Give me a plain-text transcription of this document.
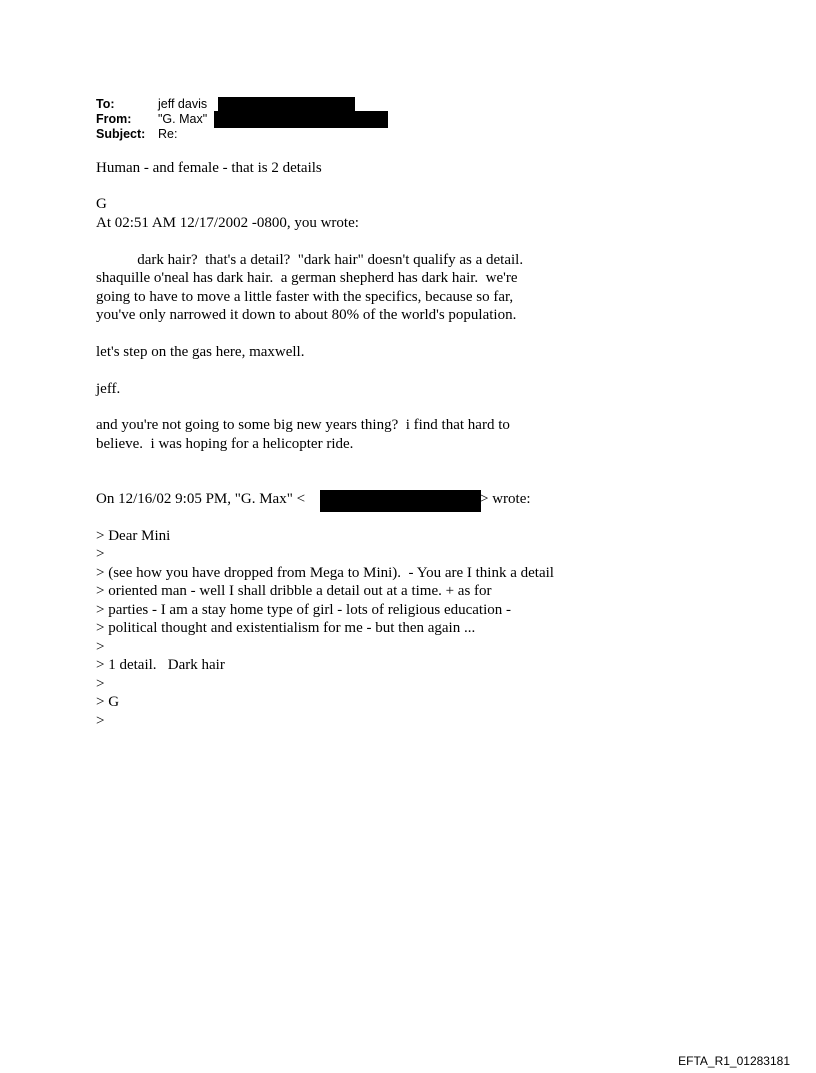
To:	jeff davis
From: "G. Max"
Subject: Re:
Human - and female - that is 2 details
G
At 02:51 AM 12/17/2002 -0800, you wrote:
dark hair?  that's a detail?  "dark hair" doesn't qualify as a detail.
shaquille o'neal has dark hair.  a german shepherd has dark hair.  we're
going to have to move a little faster with the specifics, because so far,
you've only narrowed it down to about 80% of the world's population.
let's step on the gas here, maxwell.
jeff.
and you're not going to some big new years thing?  i find that hard to
believe.  i was hoping for a helicopter ride.
On 12/16/02 9:05 PM, "G. Max" <	> wrote:
> Dear Mini
>
> (see how you have dropped from Mega to Mini).  - You are I think a detail
> oriented man - well I shall dribble a detail out at a time. + as for
> parties - I am a stay home type of girl - lots of religious education -
> political thought and existentialism for me - but then again ...
>
> 1 detail.   Dark hair
>
> G
>
EFTA_R1_01283181
